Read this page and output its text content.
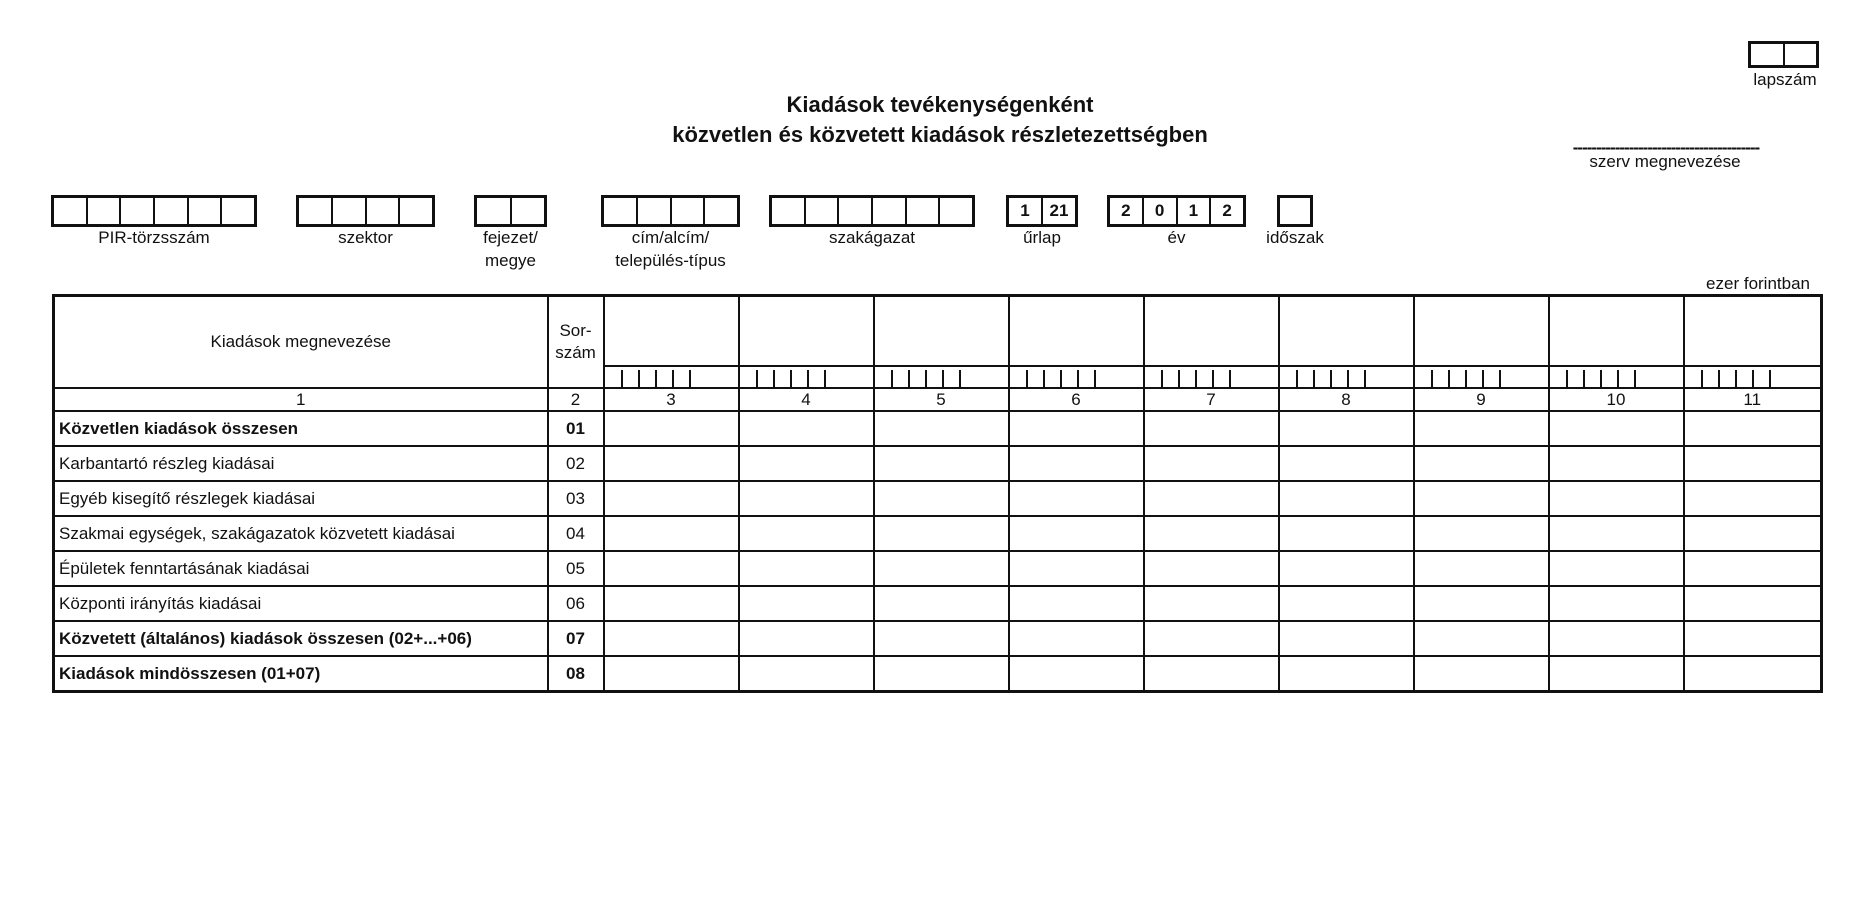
lapszám
Kiadások tevékenységenként
közvetlen és közvetett kiadások részletezettségben
----------------------------------------
szerv megnevezése
PIR-törzsszám	szektor	fejezet/
megye
cím/alcím/
település-típus
szakágazat
1	21
űrlap
2	0	1	2
év	időszak
ezer forintban
Kiadások megnevezése	Sor-
szám									

1	2	3	4	5	6	7	8	9	10	11
Közvetlen kiadások összesen	01									
Karbantartó részleg kiadásai	02									
Egyéb kisegítő részlegek kiadásai	03									
Szakmai egységek, szakágazatok közvetett kiadásai	04									
Épületek fenntartásának kiadásai	05									
Központi irányítás kiadásai	06									
Közvetett (általános) kiadások összesen (02+...+06)	07									
Kiadások mindösszesen (01+07)	08									
